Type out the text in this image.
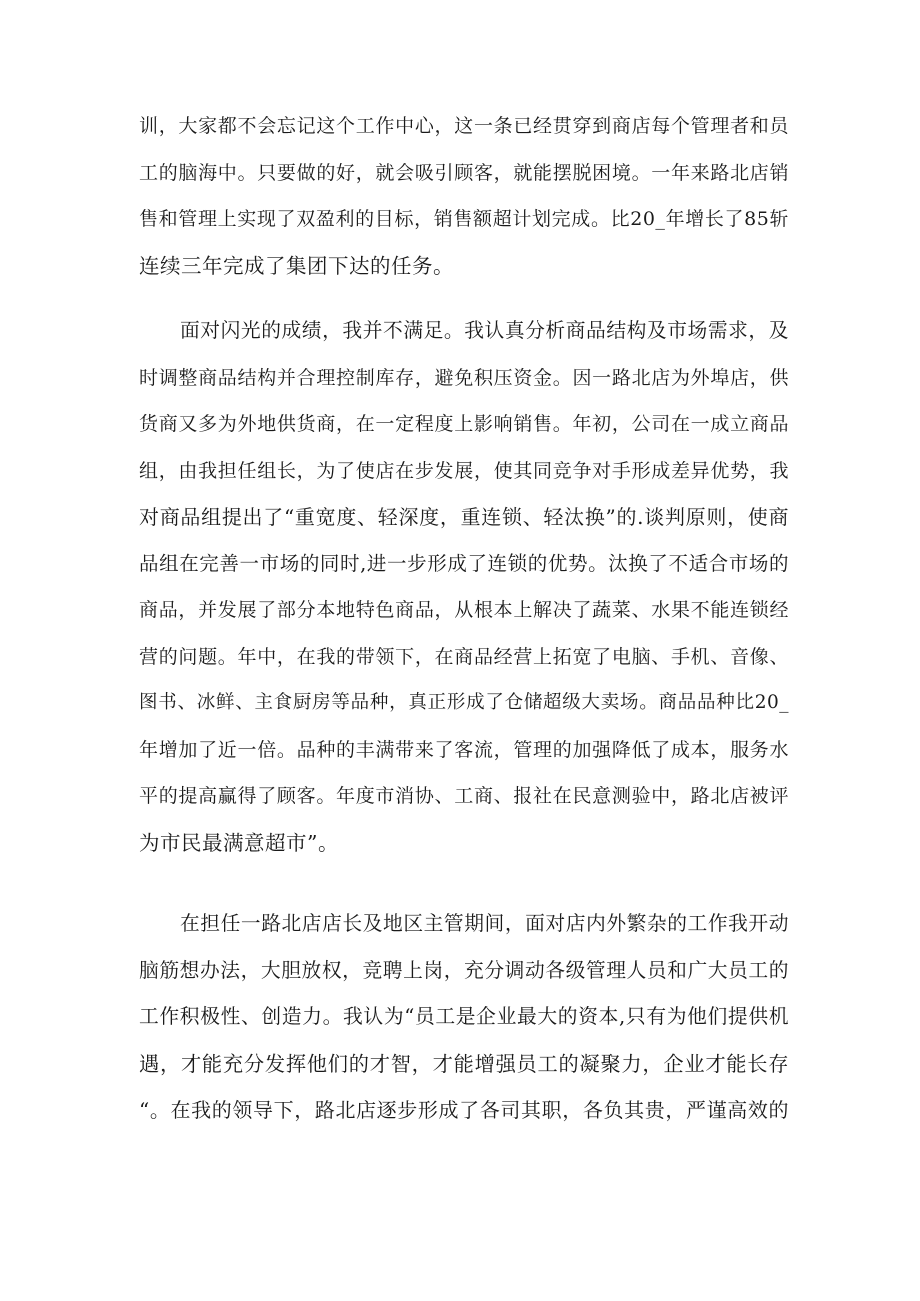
训，大家都不会忘记这个工作中心，这一条已经贯穿到商店每个管理者和员
工的脑海中。只要做的好，就会吸引顾客，就能摆脱困境。一年来路北店销
售和管理上实现了双盈利的目标，销售额超计划完成。比20_年增长了85斩
连续三年完成了集团下达的任务。
面对闪光的成绩，我并不满足。我认真分析商品结构及市场需求，及
时调整商品结构并合理控制库存，避免积压资金。因一路北店为外埠店，供
货商又多为外地供货商，在一定程度上影响销售。年初，公司在一成立商品
组，由我担任组长，为了使店在步发展，使其同竞争对手形成差异优势，我
对商品组提出了“重宽度、轻深度，重连锁、轻汰换”的.谈判原则，使商
品组在完善一市场的同时,进一步形成了连锁的优势。汰换了不适合市场的
商品，并发展了部分本地特色商品，从根本上解决了蔬菜、水果不能连锁经
营的问题。年中，在我的带领下，在商品经营上拓宽了电脑、手机、音像、
图书、冰鲜、主食厨房等品种，真正形成了仓储超级大卖场。商品品种比20_
年增加了近一倍。品种的丰满带来了客流，管理的加强降低了成本，服务水
平的提高赢得了顾客。年度市消协、工商、报社在民意测验中，路北店被评
为市民最满意超市”。
在担任一路北店店长及地区主管期间，面对店内外繁杂的工作我开动
脑筋想办法，大胆放权，竞聘上岗，充分调动各级管理人员和广大员工的
工作积极性、创造力。我认为“员工是企业最大的资本,只有为他们提供机
遇，才能充分发挥他们的才智，才能增强员工的凝聚力，企业才能长存
“。在我的领导下，路北店逐步形成了各司其职，各负其贵，严谨高效的
